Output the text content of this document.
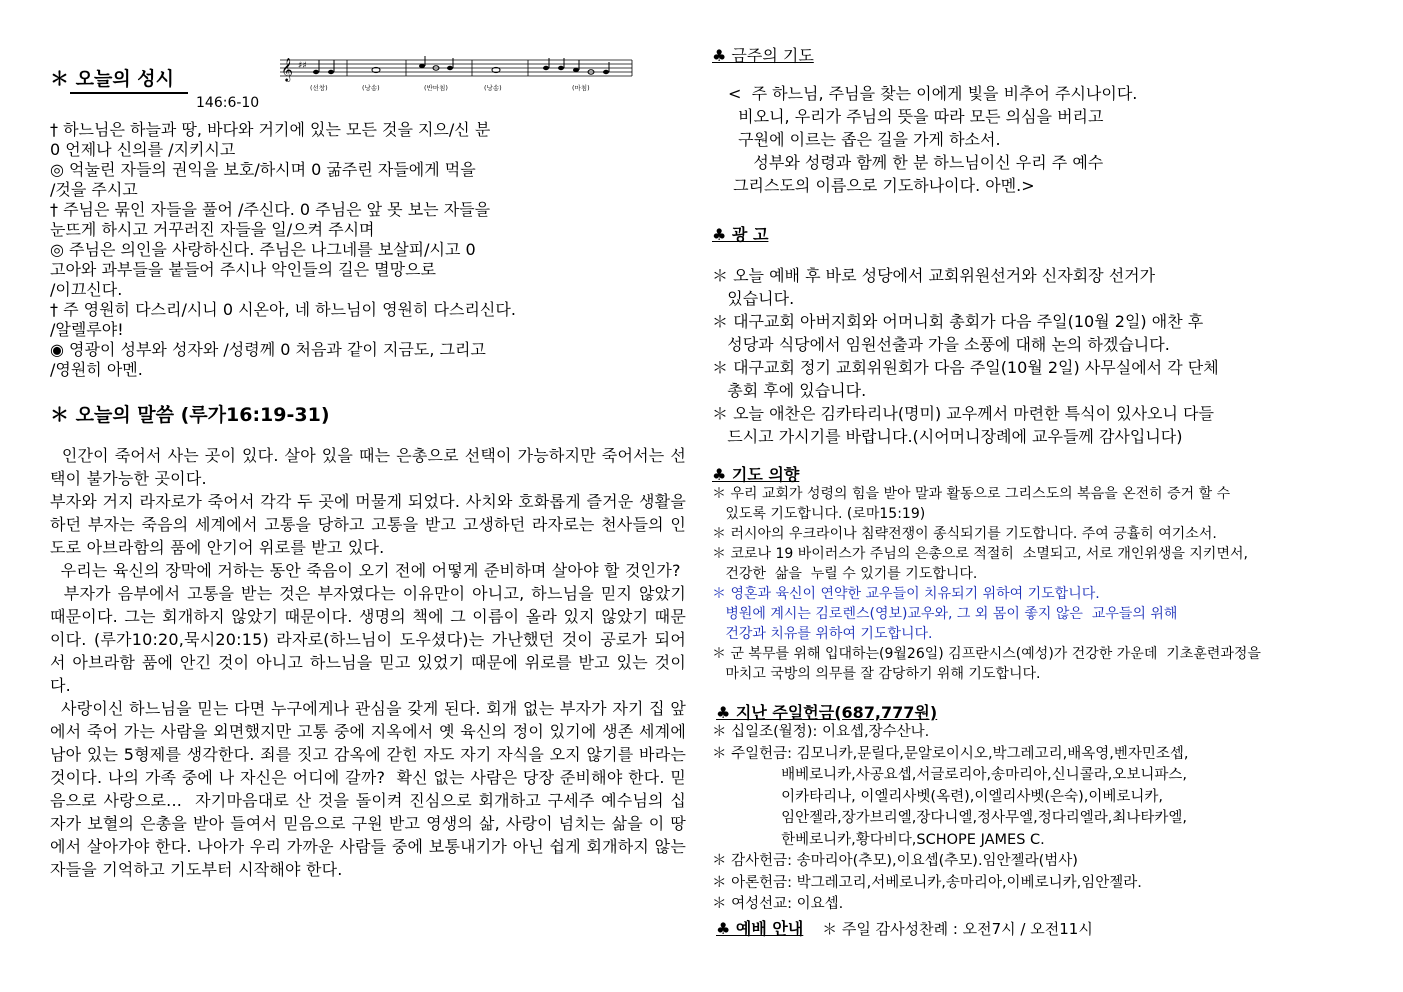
＊ 오늘의 성시	𝄞 ♯♯
(선창)	(낭송)	(반마침)	(낭송)	(마침)
146:6-10
† 하느님은 하늘과 땅, 바다와 거기에 있는 모든 것을 지으/신 분
0 언제나 신의를 /지키시고
◎ 억눌린 자들의 권익을 보호/하시며 0 굶주린 자들에게 먹을
/것을 주시고
† 주님은 묶인 자들을 풀어 /주신다. 0 주님은 앞 못 보는 자들을
눈뜨게 하시고 거꾸러진 자들을 일/으켜 주시며
◎ 주님은 의인을 사랑하신다. 주님은 나그네를 보살피/시고 0
고아와 과부들을 붙들어 주시나 악인들의 길은 멸망으로
/이끄신다.
† 주 영원히 다스리/시니 0 시온아, 네 하느님이 영원히 다스리신다.
/알렐루야!
◉ 영광이 성부와 성자와 /성령께 0 처음과 같이 지금도, 그리고
/영원히 아멘.
＊ 오늘의 말씀 (루가16:19-31)
인간이 죽어서 사는 곳이 있다. 살아 있을 때는 은총으로 선택이 가능하지만 죽어서는 선택이 불가능한 곳이다.
부자와 거지 라자로가 죽어서 각각 두 곳에 머물게 되었다. 사치와 호화롭게 즐거운 생활을 하던 부자는 죽음의 세계에서 고통을 당하고 고통을 받고 고생하던 라자로는 천사들의 인도로 아브라함의 품에 안기어 위로를 받고 있다.
우리는 육신의 장막에 거하는 동안 죽음이 오기 전에 어떻게 준비하며 살아야 할 것인가?
부자가 음부에서 고통을 받는 것은 부자였다는 이유만이 아니고, 하느님을 믿지 않았기 때문이다. 그는 회개하지 않았기 때문이다. 생명의 책에 그 이름이 올라 있지 않았기 때문이다. (루가10:20,묵시20:15) 라자로(하느님이 도우셨다)는 가난했던 것이 공로가 되어서 아브라함 품에 안긴 것이 아니고 하느님을 믿고 있었기 때문에 위로를 받고 있는 것이다.
사랑이신 하느님을 믿는 다면 누구에게나 관심을 갖게 된다. 회개 없는 부자가 자기 집 앞에서 죽어 가는 사람을 외면했지만 고통 중에 지옥에서 옛 육신의 정이 있기에 생존 세계에 남아 있는 5형제를 생각한다. 죄를 짓고 감옥에 갇힌 자도 자기 자식을 오지 않기를 바라는 것이다. 나의 가족 중에 나 자신은 어디에 갈까?  확신 없는 사람은 당장 준비해야 한다. 믿음으로 사랑으로...  자기마음대로 산 것을 돌이켜 진심으로 회개하고 구세주 예수님의 십자가 보혈의 은총을 받아 들여서 믿음으로 구원 받고 영생의 삶, 사랑이 넘치는 삶을 이 땅에서 살아가야 한다. 나아가 우리 가까운 사람들 중에 보통내기가 아닌 쉽게 회개하지 않는 자들을 기억하고 기도부터 시작해야 한다.
♣ 금주의 기도
<  주 하느님, 주님을 찾는 이에게 빛을 비추어 주시나이다.
비오니, 우리가 주님의 뜻을 따라 모든 의심을 버리고
구원에 이르는 좁은 길을 가게 하소서.
성부와 성령과 함께 한 분 하느님이신 우리 주 예수
그리스도의 이름으로 기도하나이다. 아멘.>
♣ 광 고
＊ 오늘 예배 후 바로 성당에서 교회위원선거와 신자회장 선거가
있습니다.
＊ 대구교회 아버지회와 어머니회 총회가 다음 주일(10월 2일) 애찬 후
성당과 식당에서 임원선출과 가을 소풍에 대해 논의 하겠습니다.
＊ 대구교회 정기 교회위원회가 다음 주일(10월 2일) 사무실에서 각 단체
총회 후에 있습니다.
＊ 오늘 애찬은 김카타리나(명미) 교우께서 마련한 특식이 있사오니 다들
드시고 가시기를 바랍니다.(시어머니장례에 교우들께 감사입니다)
♣ 기도 의향
＊ 우리 교회가 성령의 힘을 받아 말과 활동으로 그리스도의 복음을 온전히 증거 할 수
있도록 기도합니다. (로마15:19)
＊ 러시아의 우크라이나 침략전쟁이 종식되기를 기도합니다. 주여 긍휼히 여기소서.
＊ 코로나 19 바이러스가 주님의 은총으로 적절히  소멸되고, 서로 개인위생을 지키면서,
건강한  삶을  누릴 수 있기를 기도합니다.
＊ 영혼과 육신이 연약한 교우들이 치유되기 위하여 기도합니다.
병원에 계시는 김로렌스(영보)교우와, 그 외 몸이 좋지 않은  교우들의 위해
건강과 치유를 위하여 기도합니다.
＊ 군 복무를 위해 입대하는(9월26일) 김프란시스(예성)가 건강한 가운데  기초훈련과정을
마치고 국방의 의무를 잘 감당하기 위해 기도합니다.
♣ 지난 주일헌금(687,777원)
＊ 십일조(월정): 이요셉,장수산나.
＊ 주일헌금: 김모니카,문릴다,문알로이시오,박그레고리,배옥영,벤자민조셉,
배베로니카,사공요셉,서글로리아,송마리아,신니콜라,오보니파스,
이카타리나, 이엘리사벳(옥련),이엘리사벳(은숙),이베로니카,
임안젤라,장가브리엘,장다니엘,정사무엘,정다리엘라,최나타카엘,
한베로니카,황다비다,SCHOPE JAMES C.
＊ 감사헌금: 송마리아(추모),이요셉(추모).임안젤라(범사)
＊ 아론헌금: 박그레고리,서베로니카,송마리아,이베로니카,임안젤라.
＊ 여성선교: 이요셉.
♣ 예배 안내 ＊ 주일 감사성찬례 : 오전7시 / 오전11시
